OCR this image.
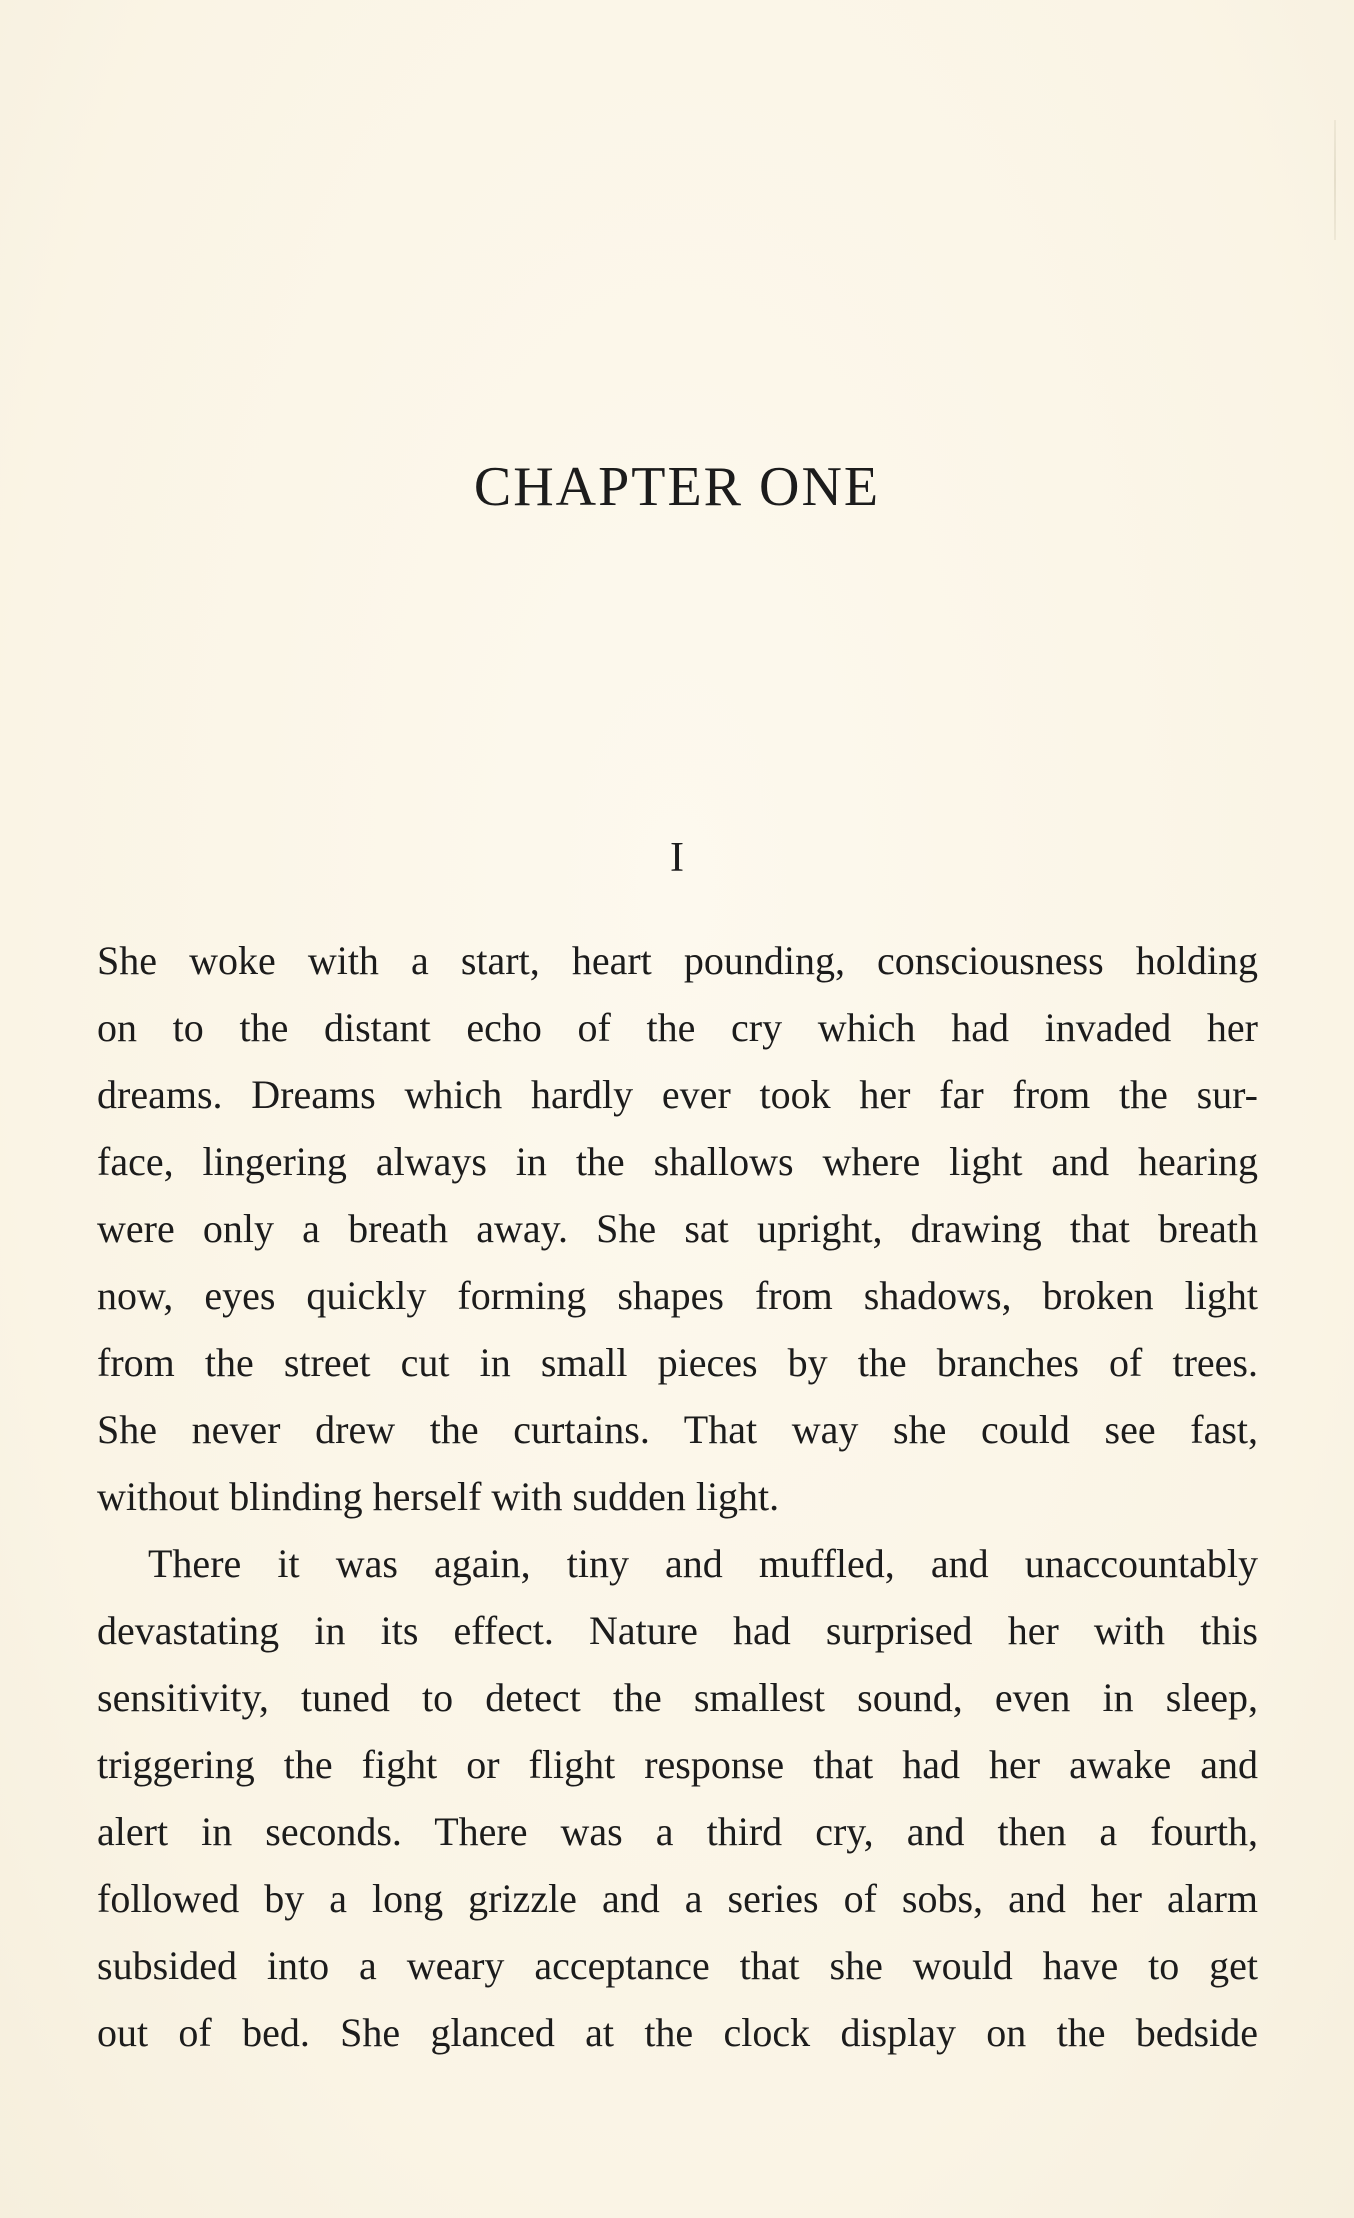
CHAPTER ONE
I

She woke with a start, heart pounding, consciousness holding
on to the distant echo of the cry which had invaded her
dreams. Dreams which hardly ever took her far from the sur-
face, lingering always in the shallows where light and hearing
were only a breath away. She sat upright, drawing that breath
now, eyes quickly forming shapes from shadows, broken light
from the street cut in small pieces by the branches of trees.
She never drew the curtains. That way she could see fast,
without blinding herself with sudden light.

There it was again, tiny and muffled, and unaccountably
devastating in its effect. Nature had surprised her with this
sensitivity, tuned to detect the smallest sound, even in sleep,
triggering the fight or flight response that had her awake and
alert in seconds. There was a third cry, and then a fourth,
followed by a long grizzle and a series of sobs, and her alarm
subsided into a weary acceptance that she would have to get
out of bed. She glanced at the clock display on the bedside
